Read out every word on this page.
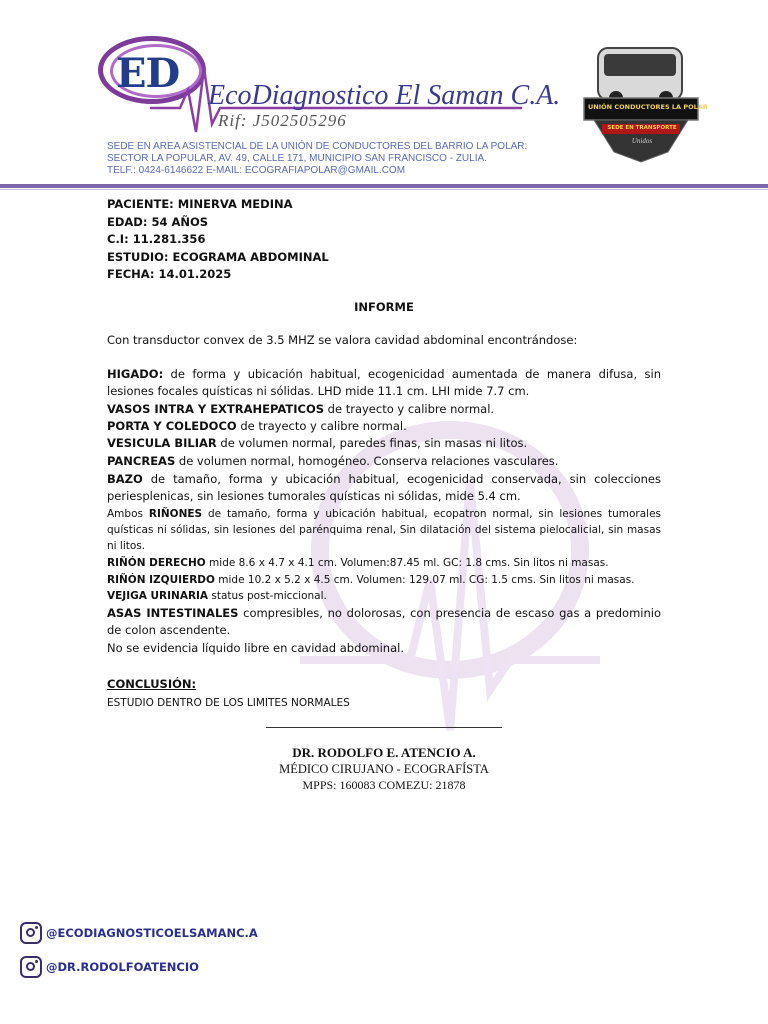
ED EcoDiagnostico El Saman C.A.
Rif: J502505296
SEDE EN AREA ASISTENCIAL DE LA UNIÓN DE CONDUCTORES DEL BARRIO LA POLAR:
SECTOR LA POPULAR, AV. 49, CALLE 171, MUNICIPIO SAN FRANCISCO - ZULIA.
TELF.: 0424-6146622 E-MAIL: ECOGRAFIAPOLAR@GMAIL.COM
UNIÓN CONDUCTORES LA POLAR
SEDE EN TRANSPORTE
Unidos
PACIENTE: MINERVA MEDINA
EDAD: 54 AÑOS
C.I: 11.281.356
ESTUDIO: ECOGRAMA ABDOMINAL
FECHA: 14.01.2025
INFORME
Con transductor convex de 3.5 MHZ se valora cavidad abdominal encontrándose:
HIGADO: de forma y ubicación habitual, ecogenicidad aumentada de manera difusa, sin lesiones focales quísticas ni sólidas. LHD mide 11.1 cm. LHI mide 7.7 cm.
VASOS INTRA Y EXTRAHEPATICOS de trayecto y calibre normal.
PORTA Y COLEDOCO de trayecto y calibre normal.
VESICULA BILIAR de volumen normal, paredes finas, sin masas ni litos.
PANCREAS de volumen normal, homogéneo. Conserva relaciones vasculares.
BAZO de tamaño, forma y ubicación habitual, ecogenicidad conservada, sin colecciones periesplenicas, sin lesiones tumorales quísticas ni sólidas, mide 5.4 cm.
Ambos RIÑONES de tamaño, forma y ubicación habitual, ecopatron normal, sin lesiones tumorales quísticas ni sólidas, sin lesiones del parénquima renal, Sin dilatación del sistema pielocalicial, sin masas ni litos.
RIÑÓN DERECHO mide 8.6 x 4.7 x 4.1 cm. Volumen:87.45 ml. GC: 1.8 cms. Sin litos ni masas.
RIÑÓN IZQUIERDO mide 10.2 x 5.2 x 4.5 cm. Volumen: 129.07 ml. CG: 1.5 cms. Sin litos ni masas.
VEJIGA URINARIA status post-miccional.
ASAS INTESTINALES compresibles, no dolorosas, con presencia de escaso gas a predominio de colon ascendente.
No se evidencia líquido libre en cavidad abdominal.
CONCLUSIÓN:
ESTUDIO DENTRO DE LOS LIMITES NORMALES
DR. RODOLFO E. ATENCIO A.
MÉDICO CIRUJANO - ECOGRAFÍSTA
MPPS: 160083 COMEZU: 21878
@ECODIAGNOSTICOELSAMANC.A
@DR.RODOLFOATENCIO
